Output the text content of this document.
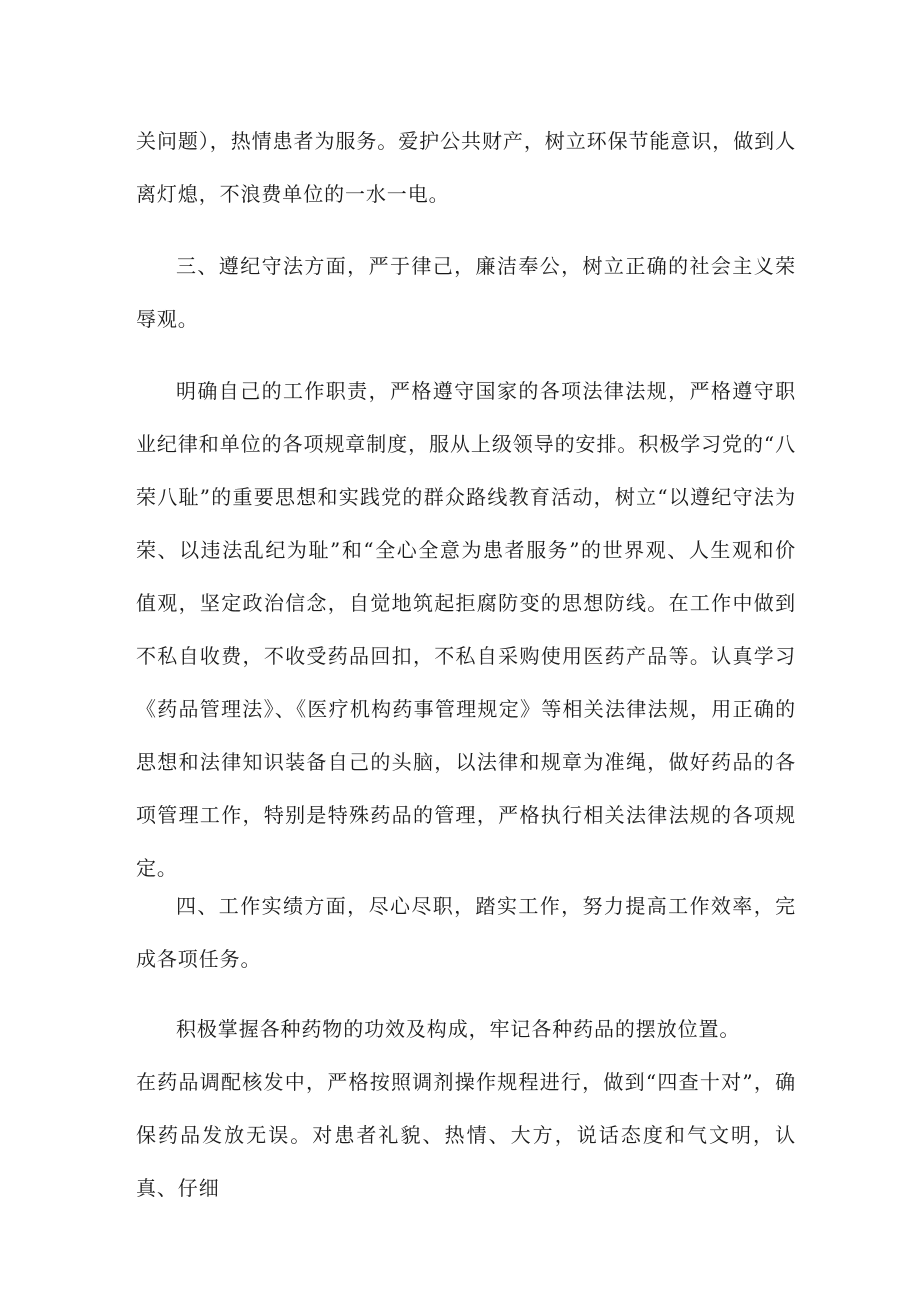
关问题），热情患者为服务。爱护公共财产，树立环保节能意识，做到人离灯熄，不浪费单位的一水一电。

三、遵纪守法方面，严于律己，廉洁奉公，树立正确的社会主义荣辱观。

明确自己的工作职责，严格遵守国家的各项法律法规，严格遵守职业纪律和单位的各项规章制度，服从上级领导的安排。积极学习党的“八荣八耻”的重要思想和实践党的群众路线教育活动，树立“以遵纪守法为荣、以违法乱纪为耻”和“全心全意为患者服务”的世界观、人生观和价值观，坚定政治信念，自觉地筑起拒腐防变的思想防线。在工作中做到不私自收费，不收受药品回扣，不私自采购使用医药产品等。认真学习《药品管理法》、《医疗机构药事管理规定》等相关法律法规，用正确的思想和法律知识装备自己的头脑，以法律和规章为准绳，做好药品的各项管理工作，特别是特殊药品的管理，严格执行相关法律法规的各项规定。

四、工作实绩方面，尽心尽职，踏实工作，努力提高工作效率，完成各项任务。

积极掌握各种药物的功效及构成，牢记各种药品的摆放位置。

在药品调配核发中，严格按照调剂操作规程进行，做到“四查十对”，确保药品发放无误。对患者礼貌、热情、大方，说话态度和气文明，认真、仔细
